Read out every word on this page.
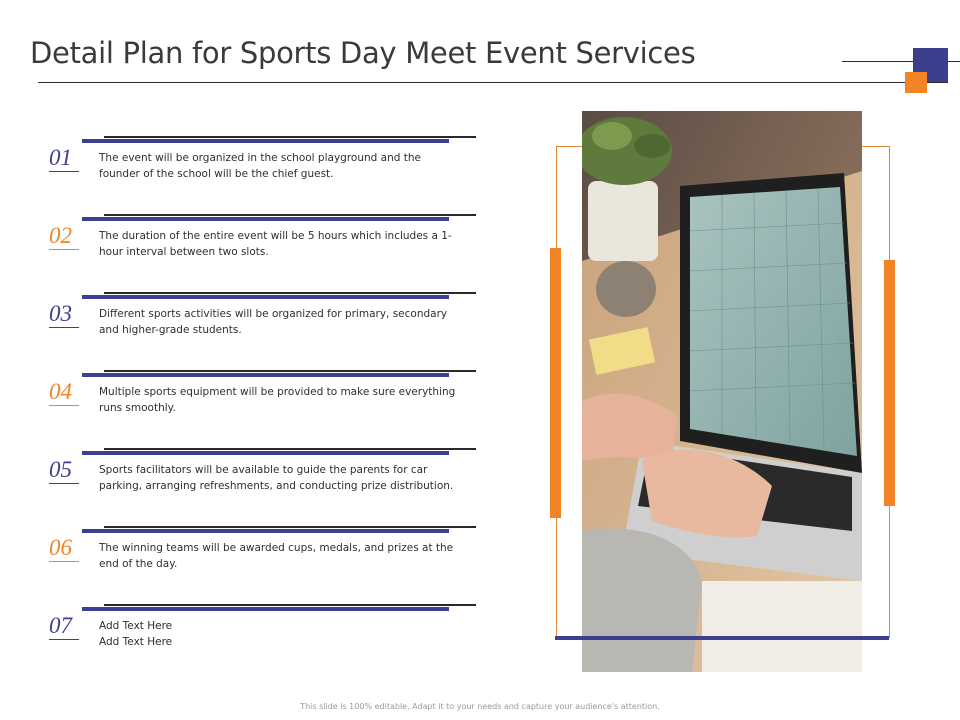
Detail Plan for Sports Day Meet Event Services
01	The event will be organized in the school playground and the founder of the school will be the chief guest.
02	The duration of the entire event will be 5 hours which includes a 1-hour interval between two slots.
03	Different sports activities will be organized for primary, secondary and higher-grade students.
04	Multiple sports equipment will be provided to make sure everything runs smoothly.
05	Sports facilitators will be available to guide the parents for car parking, arranging refreshments, and conducting prize distribution.
06	The winning teams will be awarded cups, medals, and prizes at the end of the day.
07	Add Text Here
Add Text Here
This slide is 100% editable. Adapt it to your needs and capture your audience's attention.
